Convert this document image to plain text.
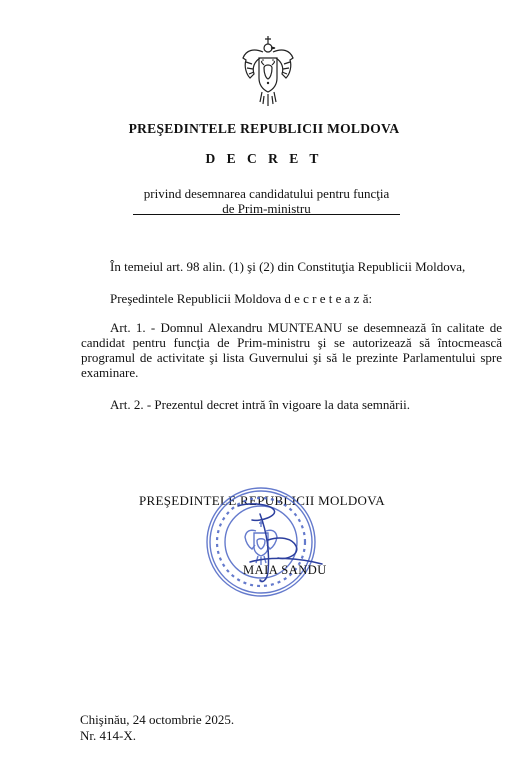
PREŞEDINTELE REPUBLICII MOLDOVA
D E C R E T
privind desemnarea candidatului pentru funcţia
de Prim-ministru
În temeiul art. 98 alin. (1) şi (2) din Constituţia Republicii Moldova,
Preşedintele Republicii Moldova d e c r e t e a z ă:
Art. 1. - Domnul Alexandru MUNTEANU se desemnează în calitate de candidat pentru funcţia de Prim-ministru şi se autorizează să întocmească programul de activitate şi lista Guvernului şi să le prezinte Parlamentului spre examinare.
Art. 2. - Prezentul decret intră în vigoare la data semnării.
PREŞEDINTELE REPUBLICII MOLDOVA
*
MAIA SANDU
Chişinău, 24 octombrie 2025.
Nr. 414-X.
